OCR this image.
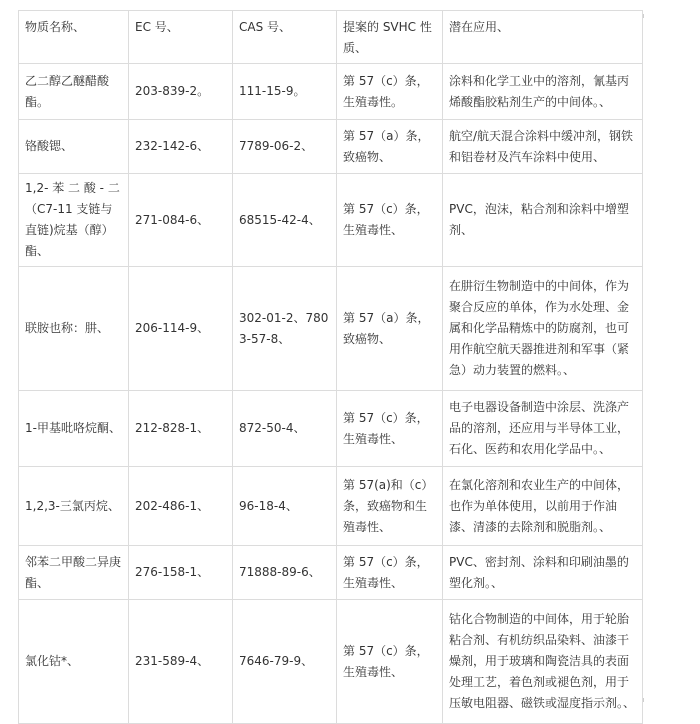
物质名称、	EC 号、	CAS 号、	提案的 SVHC 性质、	潜在应用、
乙二醇乙醚醋酸酯。	203-839-2。	111-15-9。	第 57（c）条，生殖毒性。	涂料和化学工业中的溶剂，氰基丙烯酸酯胶粘剂生产的中间体。、
铬酸锶、	232-142-6、	7789-06-2、	第 57（a）条，致癌物、	航空/航天混合涂料中缓冲剂，钢铁和铝卷材及汽车涂料中使用、
1,2- 苯 二 酸 - 二（C7-11 支链与直链)烷基（醇）酯、	271-084-6、	68515-42-4、	第 57（c）条，生殖毒性、	PVC，泡沫，粘合剂和涂料中增塑剂、
联胺也称：肼、	206-114-9、	302-01-2、7803-57-8、	第 57（a）条，致癌物、	在肼衍生物制造中的中间体，作为聚合反应的单体，作为水处理、金属和化学品精炼中的防腐剂，也可用作航空航天器推进剂和军事（紧急）动力装置的燃料。、
1-甲基吡咯烷酮、	212-828-1、	872-50-4、	第 57（c）条，生殖毒性、	电子电器设备制造中涂层、洗涤产品的溶剂，还应用与半导体工业，石化、医药和农用化学品中。、
1,2,3-三氯丙烷、	202-486-1、	96-18-4、	第 57(a)和（c）条，致癌物和生殖毒性、	在氯化溶剂和农业生产的中间体，也作为单体使用，以前用于作油漆、清漆的去除剂和脱脂剂。、
邻苯二甲酸二异庚酯、	276-158-1、	71888-89-6、	第 57（c）条，生殖毒性、	PVC、密封剂、涂料和印刷油墨的塑化剂。、
氯化钴*、	231-589-4、	7646-79-9、	第 57（c）条，生殖毒性、	钴化合物制造的中间体，用于轮胎粘合剂、有机纺织品染料、油漆干燥剂，用于玻璃和陶瓷洁具的表面处理工艺，着色剂或褪色剂，用于压敏电阻器、磁铁或湿度指示剂。、
